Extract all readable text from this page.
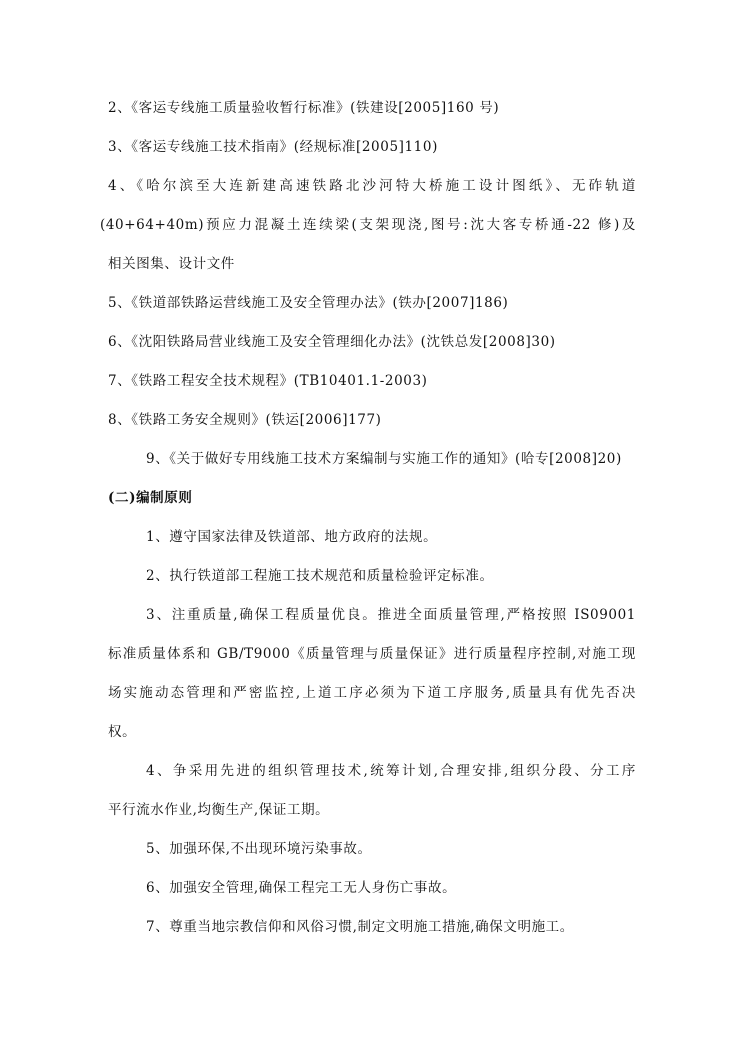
2、《客运专线施工质量验收暂行标准》(铁建设[2005]160 号)
3、《客运专线施工技术指南》(经规标准[2005]110)
4、《哈尔滨至大连新建高速铁路北沙河特大桥施工设计图纸》、无砟轨道
(40+64+40m)预应力混凝土连续梁(支架现浇,图号:沈大客专桥通-22 修)及
相关图集、设计文件
5、《铁道部铁路运营线施工及安全管理办法》(铁办[2007]186)
6、《沈阳铁路局营业线施工及安全管理细化办法》(沈铁总发[2008]30)
7、《铁路工程安全技术规程》(TB10401.1-2003)
8、《铁路工务安全规则》(铁运[2006]177)
9、《关于做好专用线施工技术方案编制与实施工作的通知》(哈专[2008]20)
(二)编制原则
1、遵守国家法律及铁道部、地方政府的法规。
2、执行铁道部工程施工技术规范和质量检验评定标准。
3、注重质量,确保工程质量优良。推进全面质量管理,严格按照 IS09001
标准质量体系和 GB/T9000《质量管理与质量保证》进行质量程序控制,对施工现
场实施动态管理和严密监控,上道工序必须为下道工序服务,质量具有优先否决
权。
4、争采用先进的组织管理技术,统筹计划,合理安排,组织分段、分工序
平行流水作业,均衡生产,保证工期。
5、加强环保,不出现环境污染事故。
6、加强安全管理,确保工程完工无人身伤亡事故。
7、尊重当地宗教信仰和风俗习惯,制定文明施工措施,确保文明施工。
